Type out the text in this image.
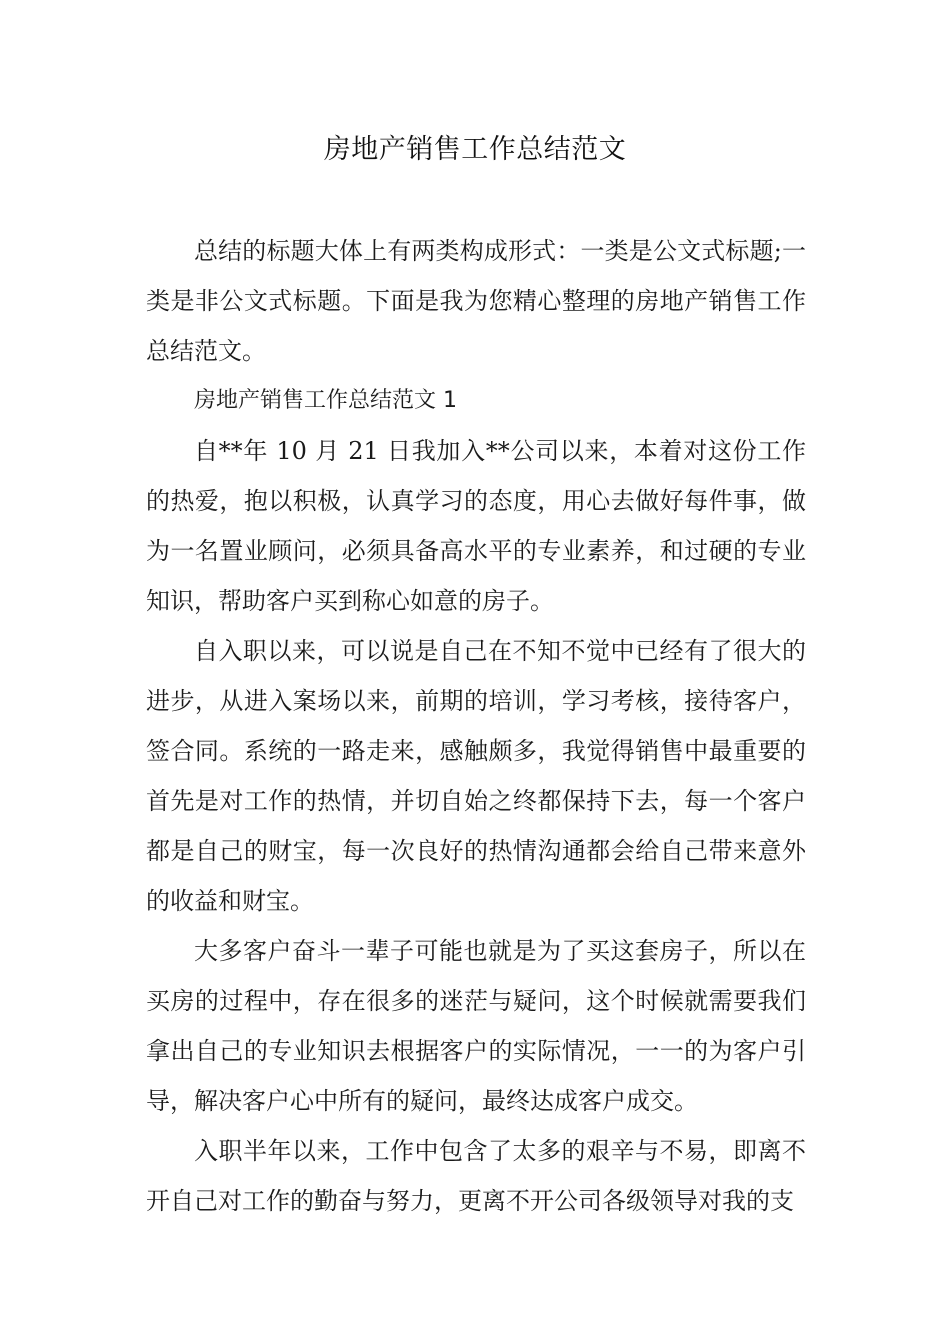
房地产销售工作总结范文

总结的标题大体上有两类构成形式：一类是公文式标题;一类是非公文式标题。下面是我为您精心整理的房地产销售工作总结范文。

房地产销售工作总结范文 1

自**年 10 月 21 日我加入**公司以来，本着对这份工作的热爱，抱以积极，认真学习的态度，用心去做好每件事，做为一名置业顾问，必须具备高水平的专业素养，和过硬的专业知识，帮助客户买到称心如意的房子。

自入职以来，可以说是自己在不知不觉中已经有了很大的进步，从进入案场以来，前期的培训，学习考核，接待客户，签合同。系统的一路走来，感触颇多，我觉得销售中最重要的首先是对工作的热情，并切自始之终都保持下去，每一个客户都是自己的财宝，每一次良好的热情沟通都会给自己带来意外的收益和财宝。

大多客户奋斗一辈子可能也就是为了买这套房子，所以在买房的过程中，存在很多的迷茫与疑问，这个时候就需要我们拿出自己的专业知识去根据客户的实际情况，一一的为客户引导，解决客户心中所有的疑问，最终达成客户成交。

入职半年以来，工作中包含了太多的艰辛与不易，即离不开自己对工作的勤奋与努力，更离不开公司各级领导对我的支
